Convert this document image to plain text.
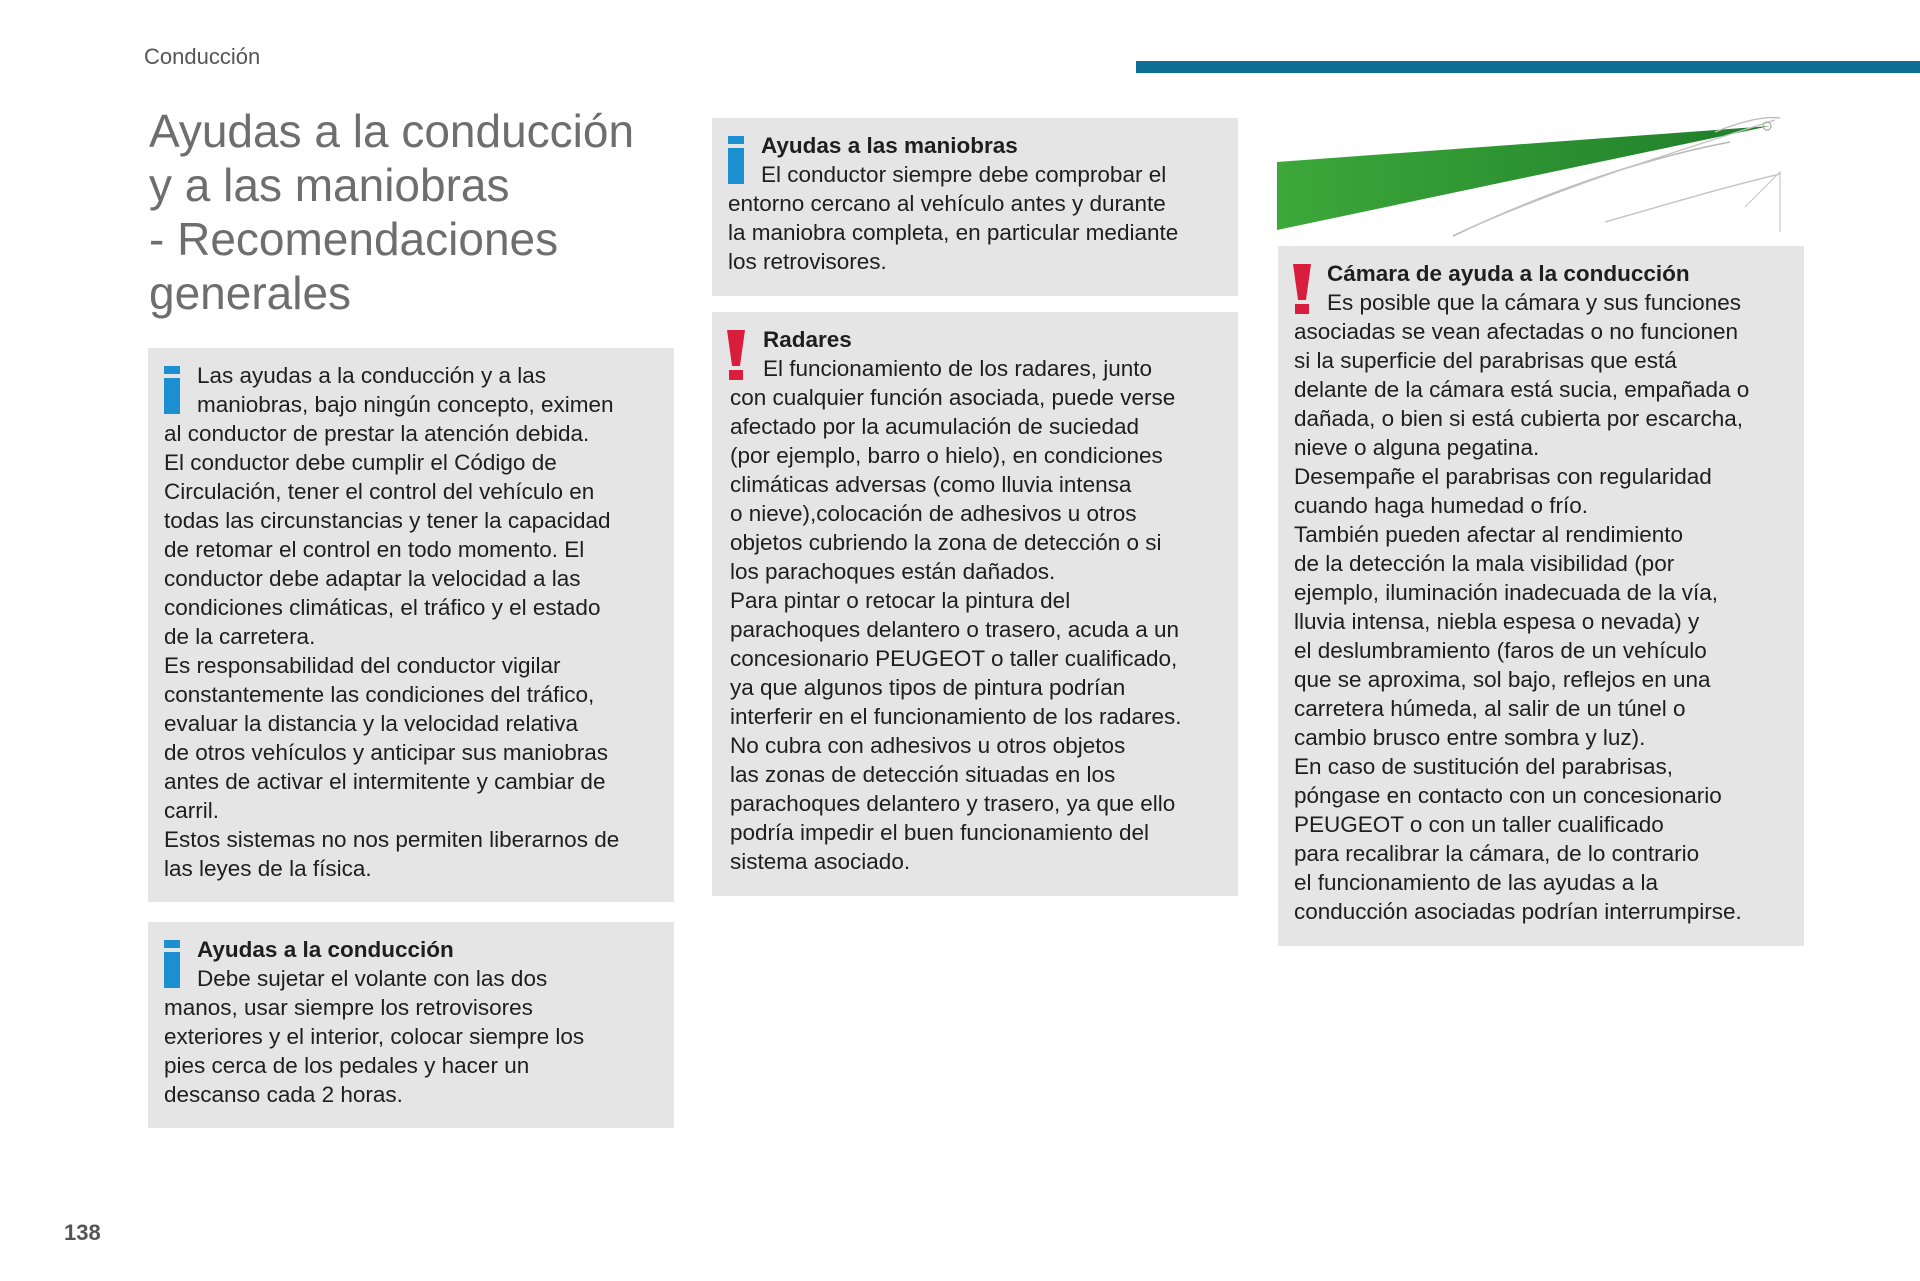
Conducción
Ayudas a la conducción
y a las maniobras
- Recomendaciones
generales
Las ayudas a la conducción y a las
maniobras, bajo ningún concepto, eximen
al conductor de prestar la atención debida.
El conductor debe cumplir el Código de
Circulación, tener el control del vehículo en
todas las circunstancias y tener la capacidad
de retomar el control en todo momento. El
conductor debe adaptar la velocidad a las
condiciones climáticas, el tráfico y el estado
de la carretera.
Es responsabilidad del conductor vigilar
constantemente las condiciones del tráfico,
evaluar la distancia y la velocidad relativa
de otros vehículos y anticipar sus maniobras
antes de activar el intermitente y cambiar de
carril.
Estos sistemas no nos permiten liberarnos de
las leyes de la física.
Ayudas a la conducción
Debe sujetar el volante con las dos
manos, usar siempre los retrovisores
exteriores y el interior, colocar siempre los
pies cerca de los pedales y hacer un
descanso cada 2 horas.
Ayudas a las maniobras
El conductor siempre debe comprobar el
entorno cercano al vehículo antes y durante
la maniobra completa, en particular mediante
los retrovisores.
Radares
El funcionamiento de los radares, junto
con cualquier función asociada, puede verse
afectado por la acumulación de suciedad
(por ejemplo, barro o hielo), en condiciones
climáticas adversas (como lluvia intensa
o nieve),colocación de adhesivos u otros
objetos cubriendo la zona de detección o si
los parachoques están dañados.
Para pintar o retocar la pintura del
parachoques delantero o trasero, acuda a un
concesionario PEUGEOT o taller cualificado,
ya que algunos tipos de pintura podrían
interferir en el funcionamiento de los radares.
No cubra con adhesivos u otros objetos
las zonas de detección situadas en los
parachoques delantero y trasero, ya que ello
podría impedir el buen funcionamiento del
sistema asociado.
Cámara de ayuda a la conducción
Es posible que la cámara y sus funciones
asociadas se vean afectadas o no funcionen
si la superficie del parabrisas que está
delante de la cámara está sucia, empañada o
dañada, o bien si está cubierta por escarcha,
nieve o alguna pegatina.
Desempañe el parabrisas con regularidad
cuando haga humedad o frío.
También pueden afectar al rendimiento
de la detección la mala visibilidad (por
ejemplo, iluminación inadecuada de la vía,
lluvia intensa, niebla espesa o nevada) y
el deslumbramiento (faros de un vehículo
que se aproxima, sol bajo, reflejos en una
carretera húmeda, al salir de un túnel o
cambio brusco entre sombra y luz).
En caso de sustitución del parabrisas,
póngase en contacto con un concesionario
PEUGEOT o con un taller cualificado
para recalibrar la cámara, de lo contrario
el funcionamiento de las ayudas a la
conducción asociadas podrían interrumpirse.
138
